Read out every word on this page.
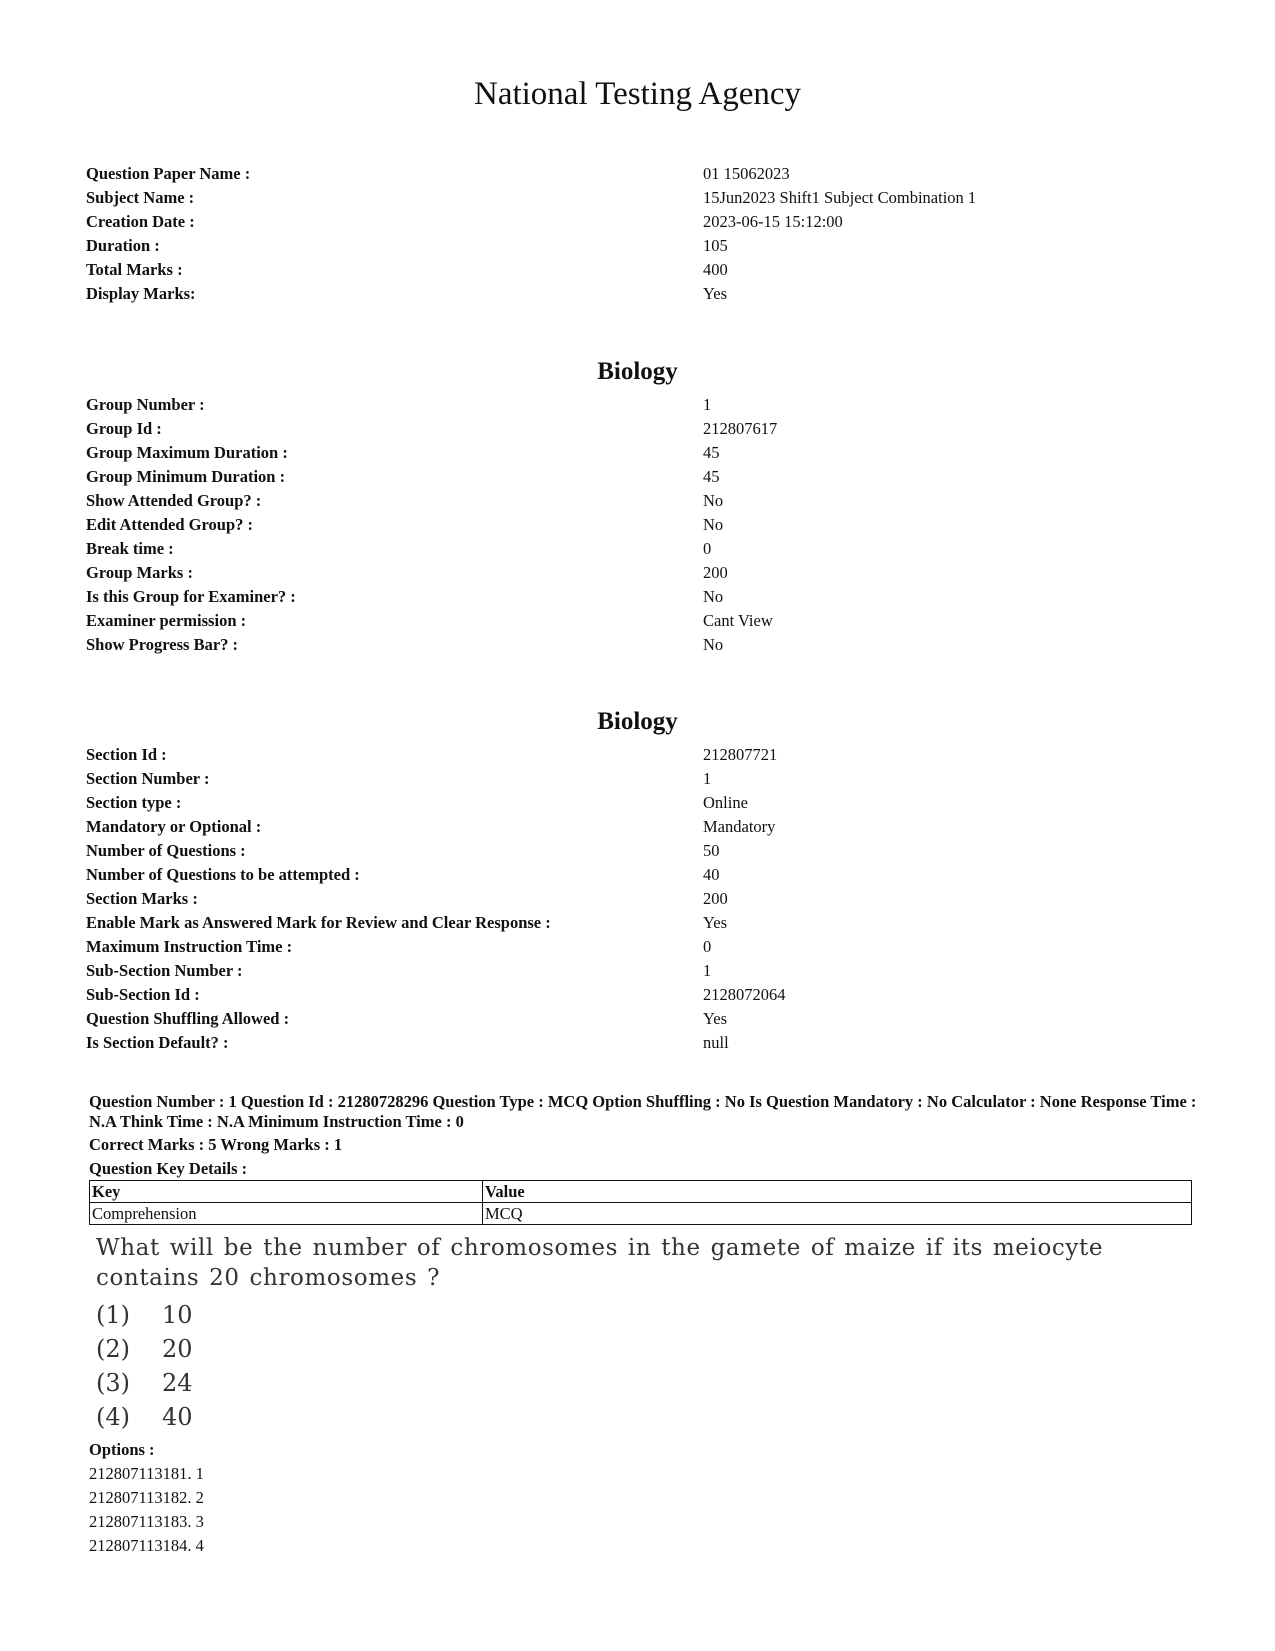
National Testing Agency
Question Paper Name :	01 15062023
Subject Name :	15Jun2023 Shift1 Subject Combination 1
Creation Date :	2023-06-15 15:12:00
Duration :	105
Total Marks :	400
Display Marks:	Yes
Biology
Group Number :	1
Group Id :	212807617
Group Maximum Duration :	45
Group Minimum Duration :	45
Show Attended Group? :	No
Edit Attended Group? :	No
Break time :	0
Group Marks :	200
Is this Group for Examiner? :	No
Examiner permission :	Cant View
Show Progress Bar? :	No
Biology
Section Id :	212807721
Section Number :	1
Section type :	Online
Mandatory or Optional :	Mandatory
Number of Questions :	50
Number of Questions to be attempted :	40
Section Marks :	200
Enable Mark as Answered Mark for Review and Clear Response :	Yes
Maximum Instruction Time :	0
Sub-Section Number :	1
Sub-Section Id :	2128072064
Question Shuffling Allowed :	Yes
Is Section Default? :	null
Question Number : 1 Question Id : 21280728296 Question Type : MCQ Option Shuffling : No Is Question Mandatory : No Calculator : None Response Time : N.A Think Time : N.A Minimum Instruction Time : 0
Correct Marks : 5 Wrong Marks : 1
Question Key Details :
Key	Value
Comprehension	MCQ
What will be the number of chromosomes in the gamete of maize if its meiocyte contains 20 chromosomes ?
(1)	10
(2)	20
(3)	24
(4)	40
Options :
212807113181. 1
212807113182. 2
212807113183. 3
212807113184. 4
